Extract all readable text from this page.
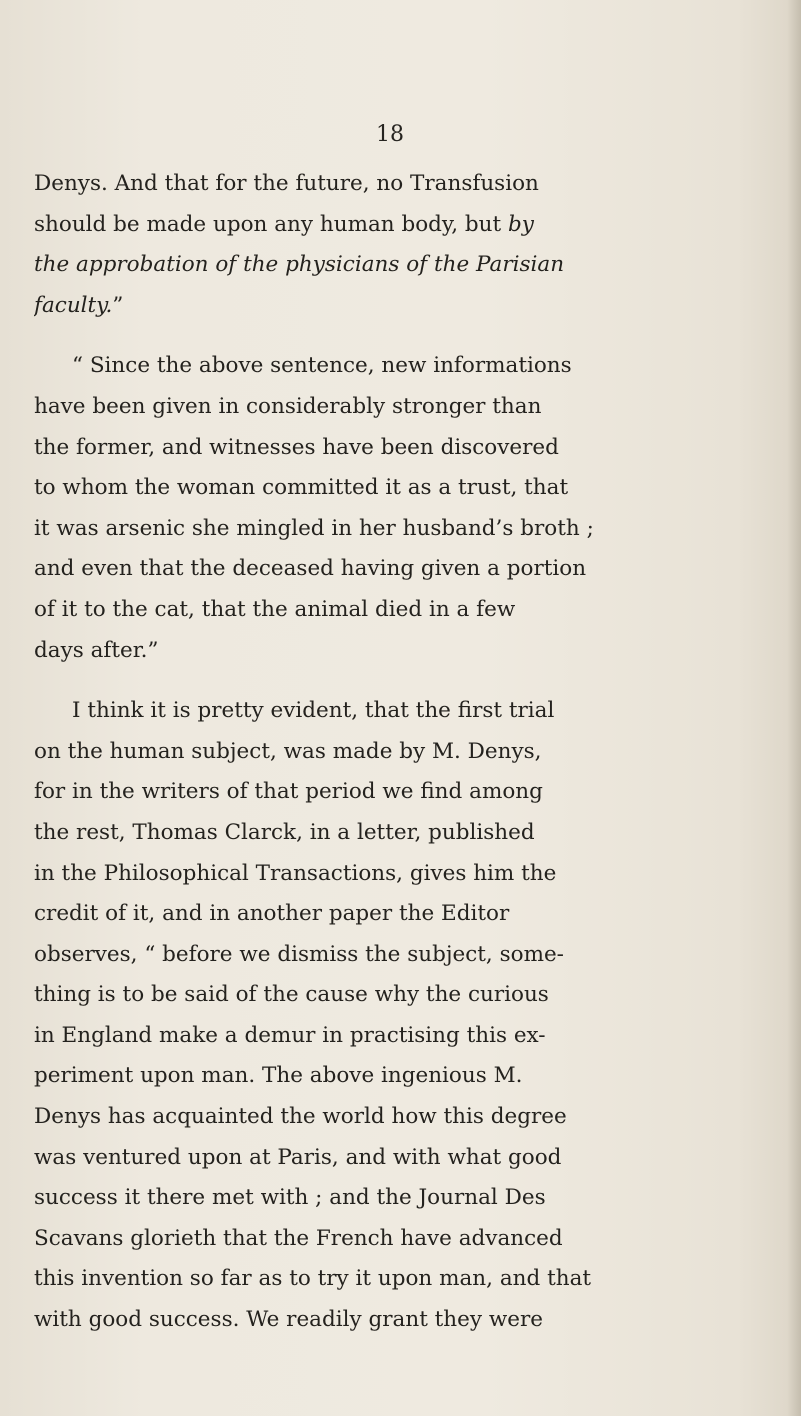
18
Denys. And that for the future, no Transfusion
should be made upon any human body, but by
the approbation of the physicians of the Parisian
faculty.”
“ Since the above sentence, new informations
have been given in considerably stronger than
the former, and witnesses have been discovered
to whom the woman committed it as a trust, that
it was arsenic she mingled in her husband’s broth ;
and even that the deceased having given a portion
of it to the cat, that the animal died in a few
days after.”
I think it is pretty evident, that the first trial
on the human subject, was made by M. Denys,
for in the writers of that period we find among
the rest, Thomas Clarck, in a letter, published
in the Philosophical Transactions, gives him the
credit of it, and in another paper the Editor
observes, “ before we dismiss the subject, some-
thing is to be said of the cause why the curious
in England make a demur in practising this ex-
periment upon man. The above ingenious M.
Denys has acquainted the world how this degree
was ventured upon at Paris, and with what good
success it there met with ; and the Journal Des
Scavans glorieth that the French have advanced
this invention so far as to try it upon man, and that
with good success. We readily grant they were
